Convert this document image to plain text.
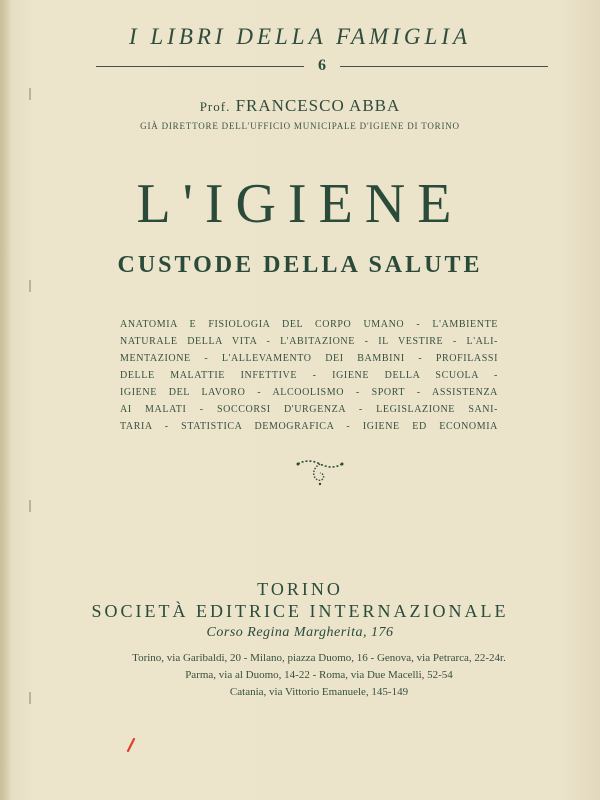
I LIBRI DELLA FAMIGLIA
6
Prof. FRANCESCO ABBA
GIÀ DIRETTORE DELL'UFFICIO MUNICIPALE D'IGIENE DI TORINO
L'IGIENE
CUSTODE DELLA SALUTE
ANATOMIA E FISIOLOGIA DEL CORPO UMANO - L'AMBIENTE
NATURALE DELLA VITA - L'ABITAZIONE - IL VESTIRE - L'ALI-
MENTAZIONE - L'ALLEVAMENTO DEI BAMBINI - PROFILASSI
DELLE MALATTIE INFETTIVE - IGIENE DELLA SCUOLA -
IGIENE DEL LAVORO - ALCOOLISMO - SPORT - ASSISTENZA
AI MALATI - SOCCORSI D'URGENZA - LEGISLAZIONE SANI-
TARIA - STATISTICA DEMOGRAFICA - IGIENE ED ECONOMIA
TORINO
SOCIETÀ EDITRICE INTERNAZIONALE
Corso Regina Margherita, 176
Torino, via Garibaldi, 20 - Milano, piazza Duomo, 16 - Genova, via Petrarca, 22-24r.
Parma, via al Duomo, 14-22 - Roma, via Due Macelli, 52-54
Catania, via Vittorio Emanuele, 145-149
